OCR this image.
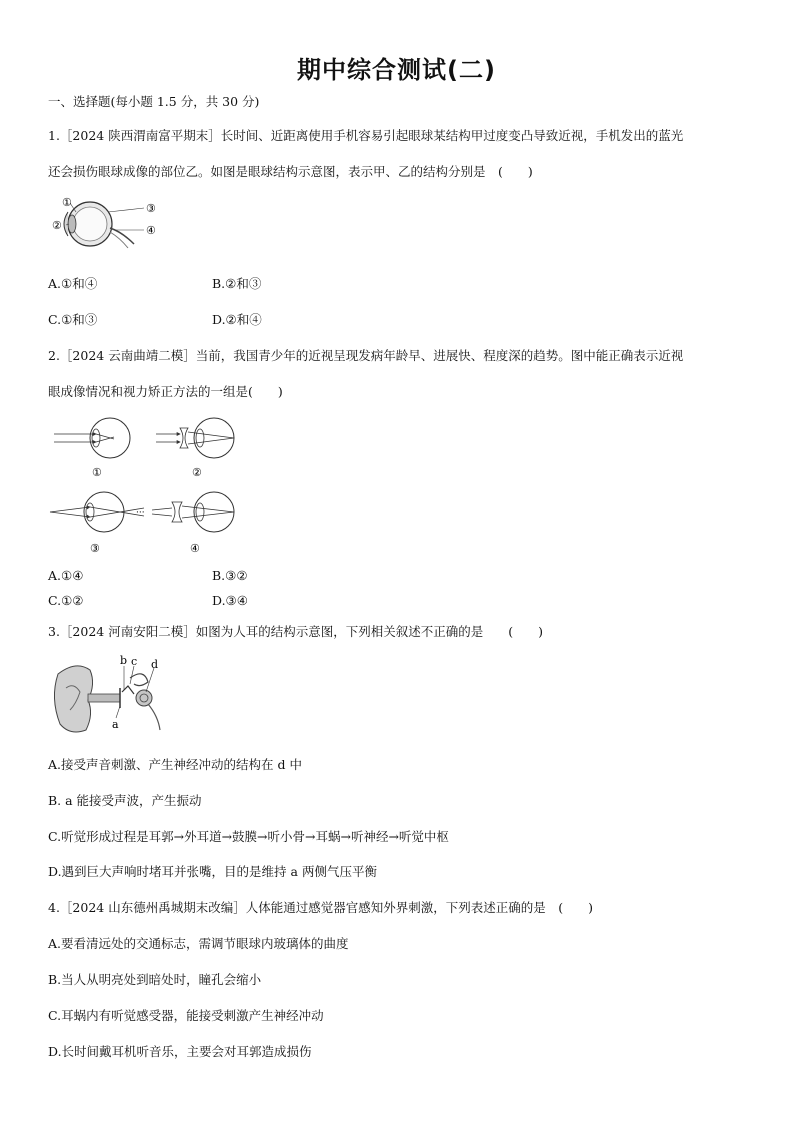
期中综合测试(二)
一、选择题(每小题 1.5 分，共 30 分)
1.［2024 陕西渭南富平期末］长时间、近距离使用手机容易引起眼球某结构甲过度变凸导致近视，手机发出的蓝光
还会损伤眼球成像的部位乙。如图是眼球结构示意图，表示甲、乙的结构分别是　(　　)
①
②
③
④
A.①和④	B.②和③
C.①和③	D.②和④
2.［2024 云南曲靖二模］当前，我国青少年的近视呈现发病年龄早、进展快、程度深的趋势。图中能正确表示近视
眼成像情况和视力矫正方法的一组是(　　)
①	②
···
③	④
A.①④	B.③②
C.①②	D.③④
3.［2024 河南安阳二模］如图为人耳的结构示意图，下列相关叙述不正确的是　　(　　)
b c d
a
A.接受声音刺激、产生神经冲动的结构在 d 中
B. a 能接受声波，产生振动
C.听觉形成过程是耳郭→外耳道→鼓膜→听小骨→耳蜗→听神经→听觉中枢
D.遇到巨大声响时堵耳并张嘴，目的是维持 a 两侧气压平衡
4.［2024 山东德州禹城期末改编］人体能通过感觉器官感知外界刺激，下列表述正确的是　(　　)
A.要看清远处的交通标志，需调节眼球内玻璃体的曲度
B.当人从明亮处到暗处时，瞳孔会缩小
C.耳蜗内有听觉感受器，能接受刺激产生神经冲动
D.长时间戴耳机听音乐，主要会对耳郭造成损伤
